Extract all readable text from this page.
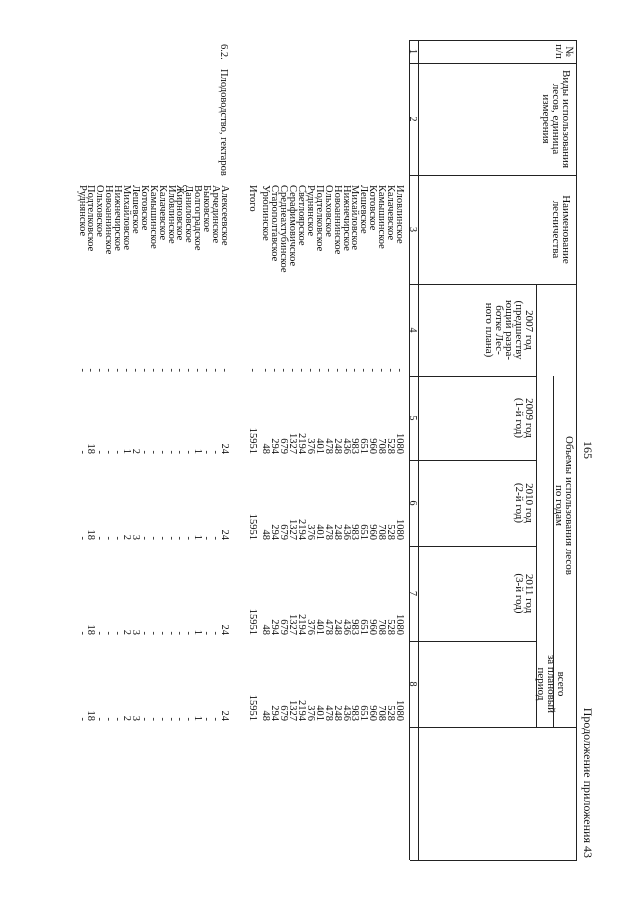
165
Продолжение приложения 43
№
п/п
Виды использования
лесов, единица
измерения
Наименование
лесничества
Объемы использования лесов
по годам
2007 год
(предшеству
ющий разра-
ботке Лес-
ного плана)
2009 год
(1-й год)
2010 год
(2-й год)
2011 год
(3-й год)
всего
за плановый
период
1
2
3
4
5
6
7
8
Иловлинское
-
1080
1080
1080
1080
Калачевское
-
528
528
528
528
Камышинское
-
708
708
708
708
Котовское
-
960
960
960
960
Лешевское
-
651
651
651
651
Михайловское
-
983
983
983
983
Нижнечирское
-
436
436
436
436
Новоаннинское
-
248
248
248
248
Ольховское
-
478
478
478
478
Подтелковское
-
401
401
401
401
Руднянское
-
376
376
376
376
Светлоярское
-
2194
2194
2194
2194
Серафимовичское
-
1327
1327
1327
1327
Среднеахтубинское
-
679
679
679
679
Старополтавское
-
294
294
294
294
Урюпинское
-
48
48
48
48
Итого
-
15951
15951
15951
15951
6.2.
Плодоводство, гектаров
Алексеевское
-
24
24
24
24
Арчединское
-
-
-
-
-
Быковское
-
-
-
-
-
Волгоградское
-
1
1
1
1
Даниловское
-
-
-
-
-
Жирновское
-
-
-
-
-
Иловлинское
-
-
-
-
-
Калачевское
-
-
-
-
-
Камышинское
-
-
-
-
-
Котовское
-
-
-
-
-
Лешевское
-
2
3
3
3
Михайловское
-
1
2
2
2
Нижнечирское
-
-
-
-
-
Новоаннинское
-
-
-
-
-
Ольховское
-
-
-
-
-
Подтелковское
-
18
18
18
18
Руднянское
-
-
-
-
-
